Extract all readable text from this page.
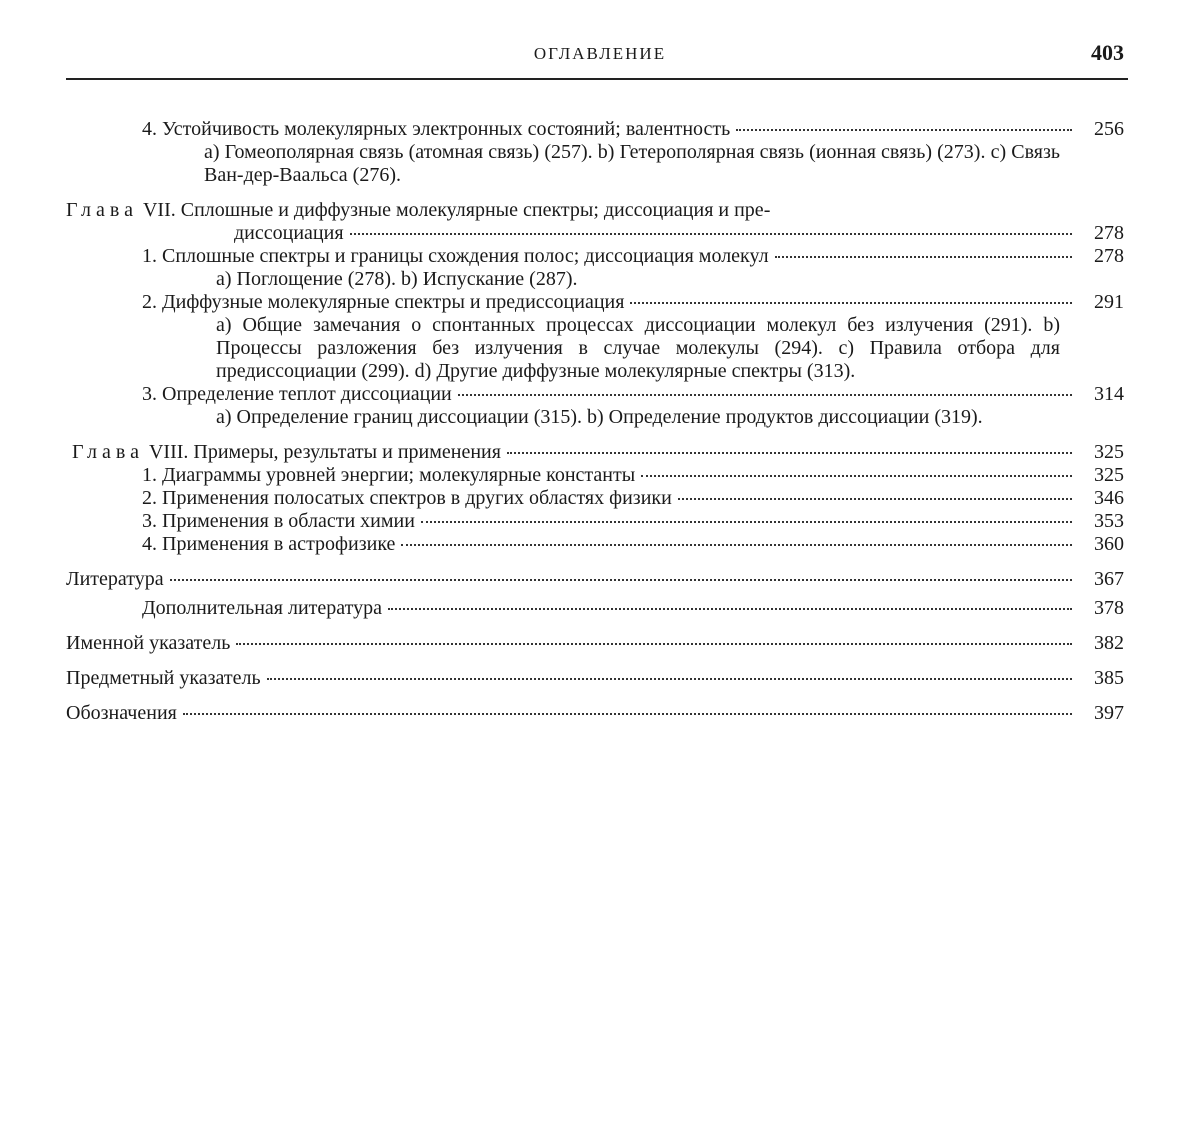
ОГЛАВЛЕНИЕ	403
4. Устойчивость молекулярных электронных состояний; валентность	256
а) Гомеополярная связь (атомная связь) (257). b) Гетерополярная связь (ионная связь) (273). с) Связь Ван-дер-Ваальса (276).
Глава VII. Сплошные и диффузные молекулярные спектры; диссоциация и пре-
диссоциация	278
1. Сплошные спектры и границы схождения полос; диссоциация молекул	278
а) Поглощение (278). b) Испускание (287).
2. Диффузные молекулярные спектры и предиссоциация	291
а) Общие замечания о спонтанных процессах диссоциации молекул без излучения (291). b) Процессы разложения без излучения в случае молекулы (294). с) Правила отбора для предиссоциации (299). d) Другие диффузные молекулярные спектры (313).
3. Определение теплот диссоциации	314
а) Определение границ диссоциации (315). b) Определение продуктов диссоциации (319).
Глава VIII. Примеры, результаты и применения	325
1. Диаграммы уровней энергии; молекулярные константы	325
2. Применения полосатых спектров в других областях физики	346
3. Применения в области химии	353
4. Применения в астрофизике	360
Литература	367
Дополнительная литература	378
Именной указатель	382
Предметный указатель	385
Обозначения	397
